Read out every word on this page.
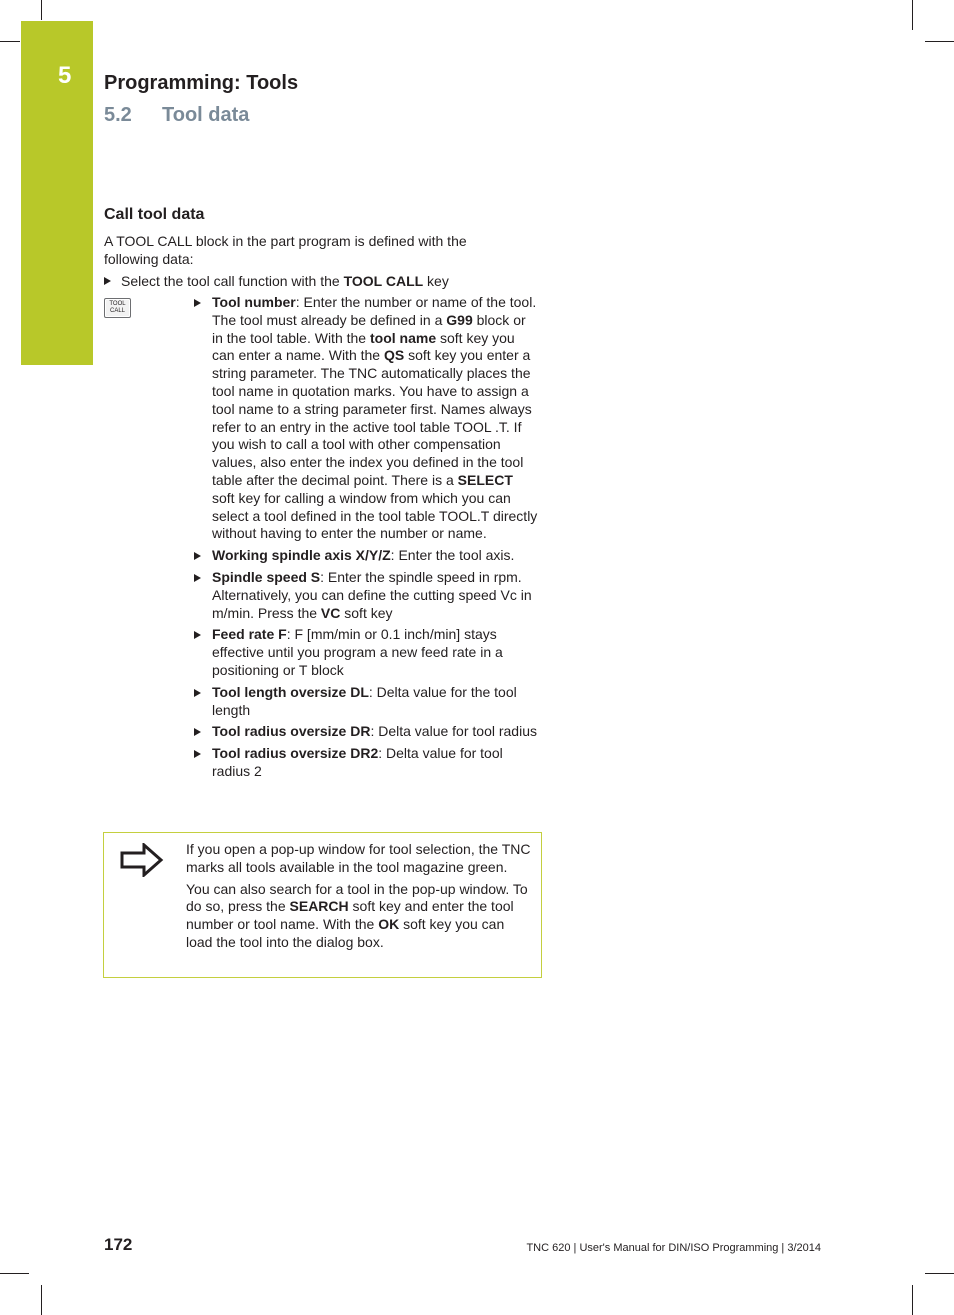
5 Programming: Tools
5.2 Tool data
Call tool data
A TOOL CALL block in the part program is defined with the following data:
Select the tool call function with the TOOL CALL key
TOOL
CALL
Tool number: Enter the number or name of the tool. The tool must already be defined in a G99 block or in the tool table. With the tool name soft key you can enter a name. With the QS soft key you enter a string parameter. The TNC automatically places the tool name in quotation marks. You have to assign a tool name to a string parameter first. Names always refer to an entry in the active tool table TOOL .T. If you wish to call a tool with other compensation values, also enter the index you defined in the tool table after the decimal point. There is a SELECT soft key for calling a window from which you can select a tool defined in the tool table TOOL.T directly without having to enter the number or name.
Working spindle axis X/Y/Z: Enter the tool axis.
Spindle speed S: Enter the spindle speed in rpm. Alternatively, you can define the cutting speed Vc in m/min. Press the VC soft key
Feed rate F: F [mm/min or 0.1 inch/min] stays effective until you program a new feed rate in a positioning or T block
Tool length oversize DL: Delta value for the tool length
Tool radius oversize DR: Delta value for tool radius
Tool radius oversize DR2: Delta value for tool radius 2

If you open a pop-up window for tool selection, the TNC marks all tools available in the tool magazine green.

You can also search for a tool in the pop-up window. To do so, press the SEARCH soft key and enter the tool number or tool name. With the OK soft key you can load the tool into the dialog box.

172	TNC 620 | User's Manual for DIN/ISO Programming | 3/2014
